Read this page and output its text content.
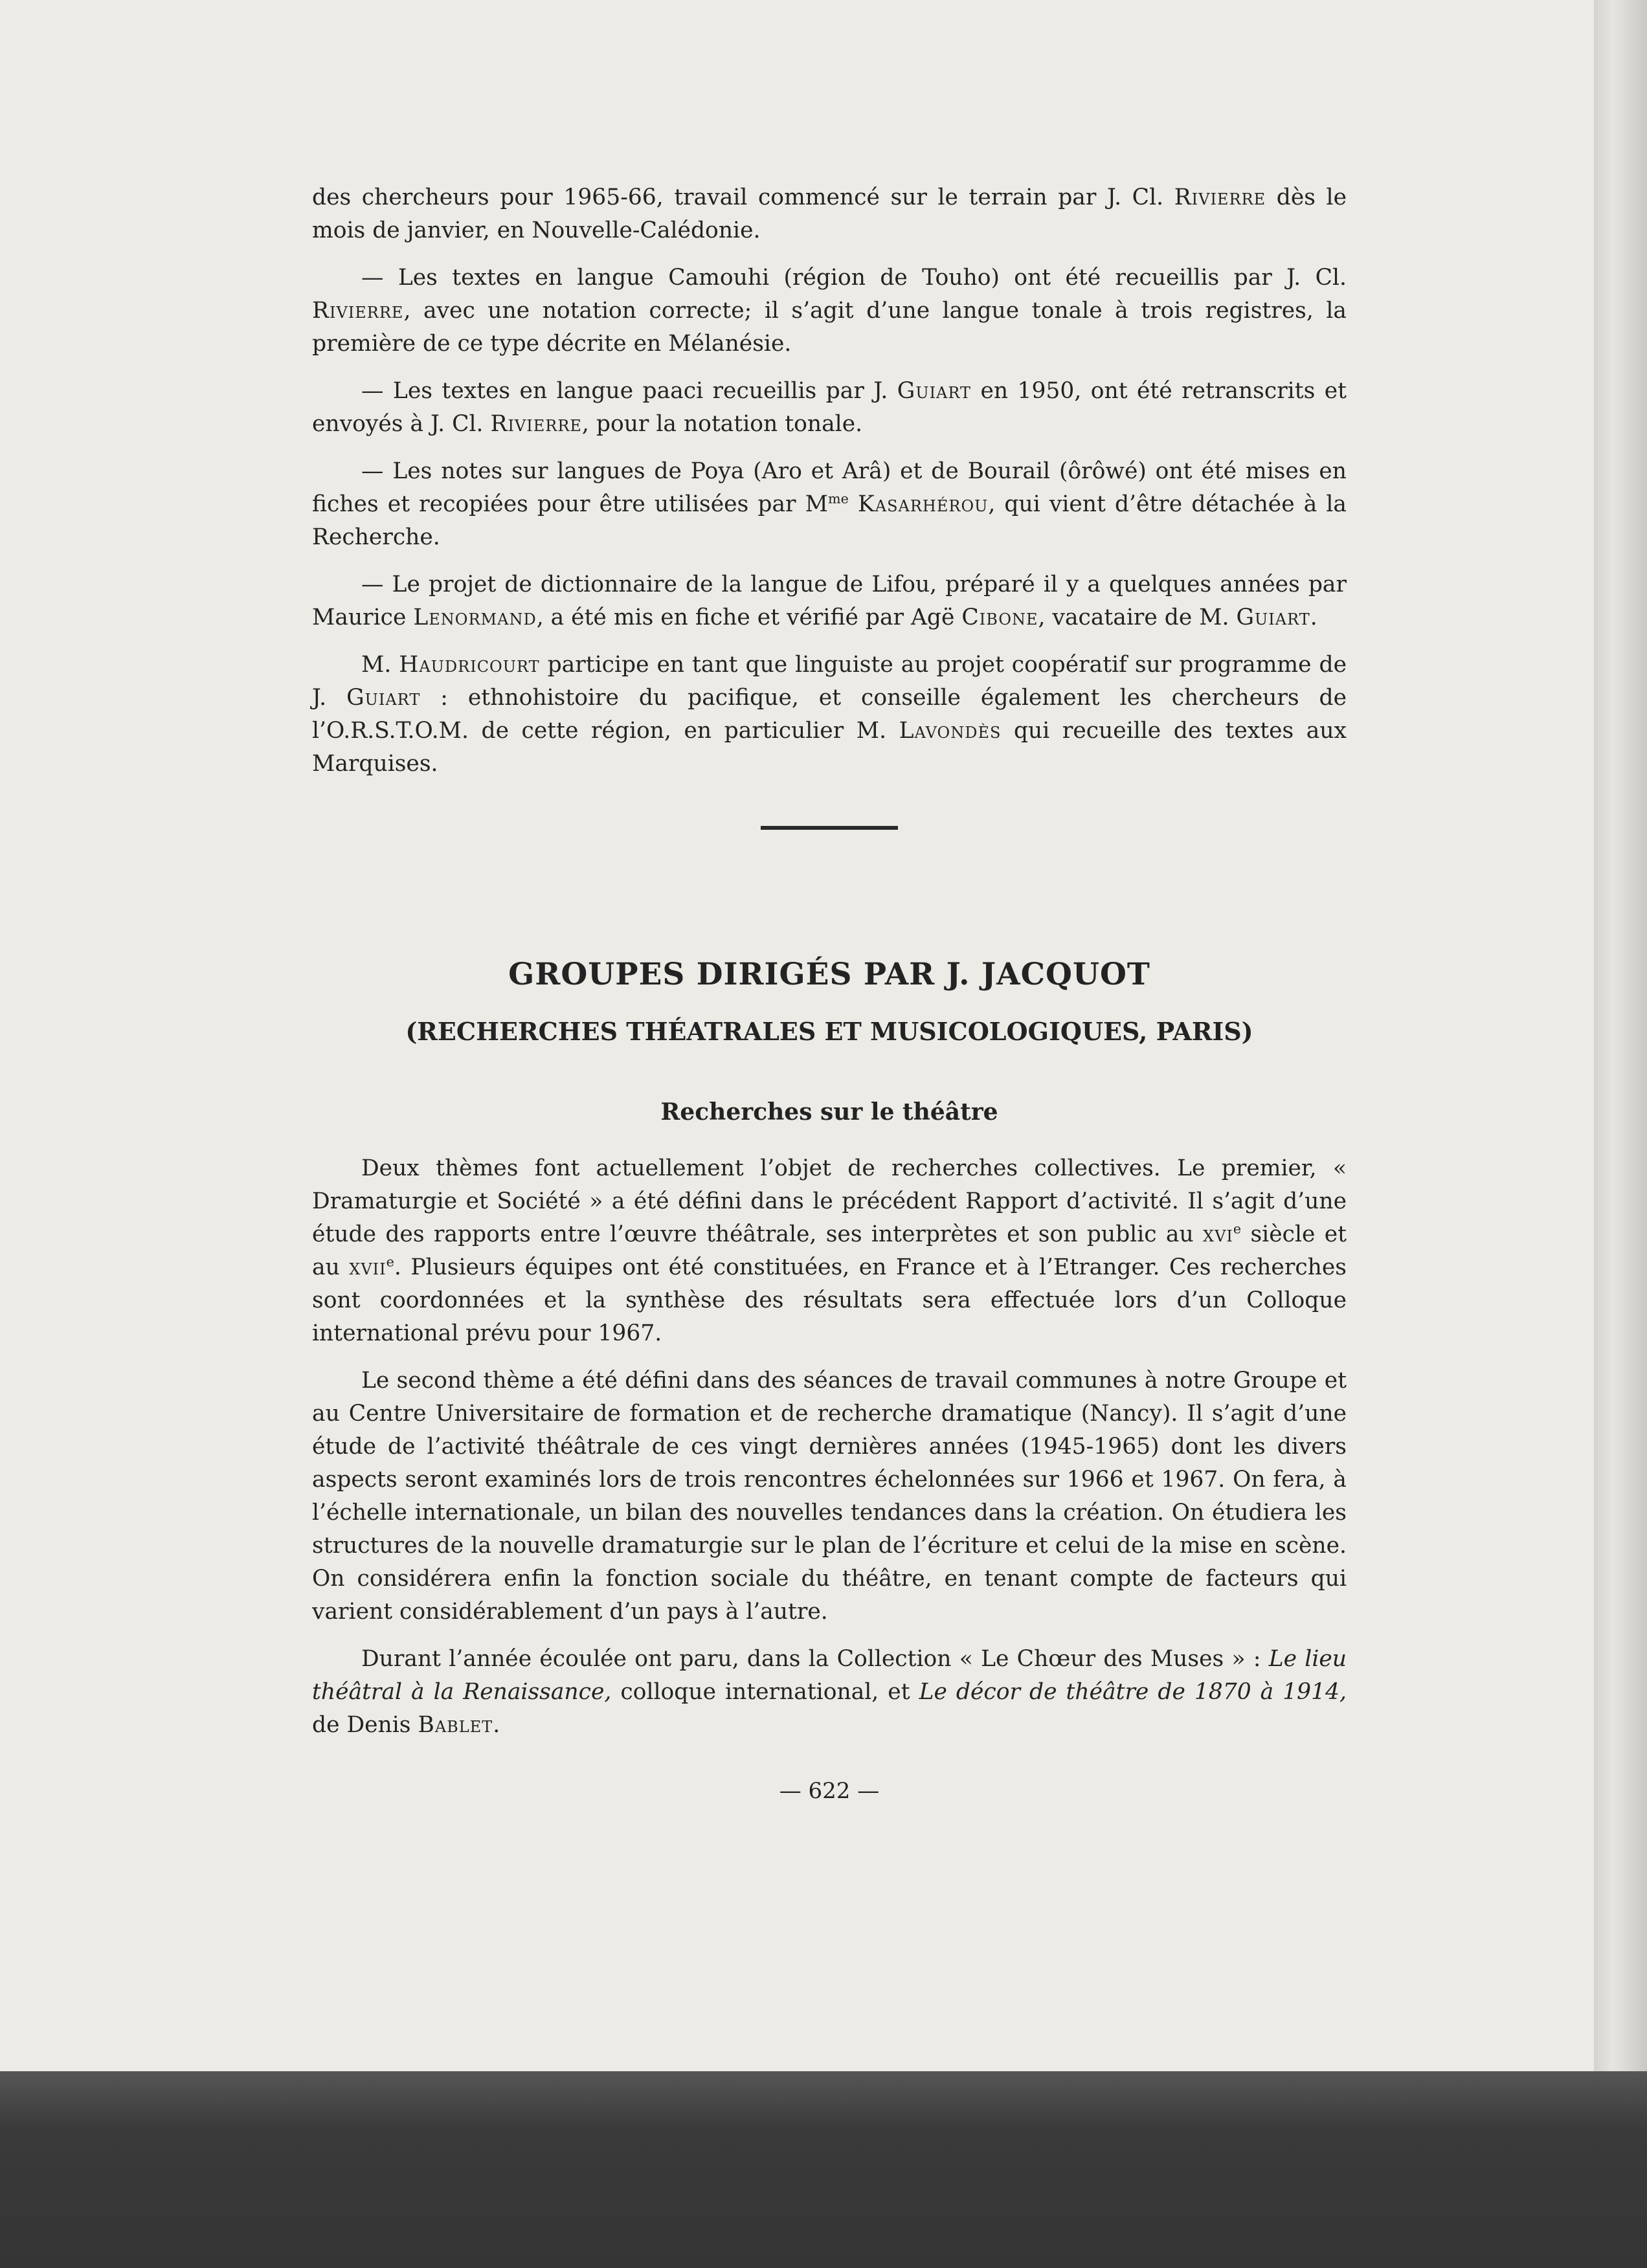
des chercheurs pour 1965-66, travail commencé sur le terrain par J. Cl. Rivierre dès le mois de janvier, en Nouvelle-Calédonie.

— Les textes en langue Camouhi (région de Touho) ont été recueillis par J. Cl. Rivierre, avec une notation correcte; il s’agit d’une langue tonale à trois registres, la première de ce type décrite en Mélanésie.

— Les textes en langue paaci recueillis par J. Guiart en 1950, ont été retranscrits et envoyés à J. Cl. Rivierre, pour la notation tonale.

— Les notes sur langues de Poya (Aro et Arâ) et de Bourail (ôrôwé) ont été mises en fiches et recopiées pour être utilisées par $M^{me}$ Kasarhérou, qui vient d’être détachée à la Recherche.

— Le projet de dictionnaire de la langue de Lifou, préparé il y a quelques années par Maurice Lenormand, a été mis en fiche et vérifié par Agë Cibone, vacataire de M. Guiart.

M. Haudricourt participe en tant que linguiste au projet coopératif sur programme de J. Guiart : ethnohistoire du pacifique, et conseille également les chercheurs de l’O.R.S.T.O.M. de cette région, en particulier M. Lavondès qui recueille des textes aux Marquises.

GROUPES DIRIGÉS PAR J. JACQUOT
(RECHERCHES THÉATRALES ET MUSICOLOGIQUES, PARIS)
Recherches sur le théâtre

Deux thèmes font actuellement l’objet de recherches collectives. Le premier, « Dramaturgie et Société » a été défini dans le précédent Rapport d’activité. Il s’agit d’une étude des rapports entre l’œuvre théâtrale, ses interprètes et son public au xvi$^e$ siècle et au xvii$^e$. Plusieurs équipes ont été constituées, en France et à l’Etranger. Ces recherches sont coordonnées et la synthèse des résultats sera effectuée lors d’un Colloque international prévu pour 1967.

Le second thème a été défini dans des séances de travail communes à notre Groupe et au Centre Universitaire de formation et de recherche dramatique (Nancy). Il s’agit d’une étude de l’activité théâtrale de ces vingt dernières années (1945-1965) dont les divers aspects seront examinés lors de trois rencontres échelonnées sur 1966 et 1967. On fera, à l’échelle internationale, un bilan des nouvelles tendances dans la création. On étudiera les structures de la nouvelle dramaturgie sur le plan de l’écriture et celui de la mise en scène. On considérera enfin la fonction sociale du théâtre, en tenant compte de facteurs qui varient considérablement d’un pays à l’autre.

Durant l’année écoulée ont paru, dans la Collection « Le Chœur des Muses » : Le lieu théâtral à la Renaissance, colloque international, et Le décor de théâtre de 1870 à 1914, de Denis Bablet.

— 622 —
